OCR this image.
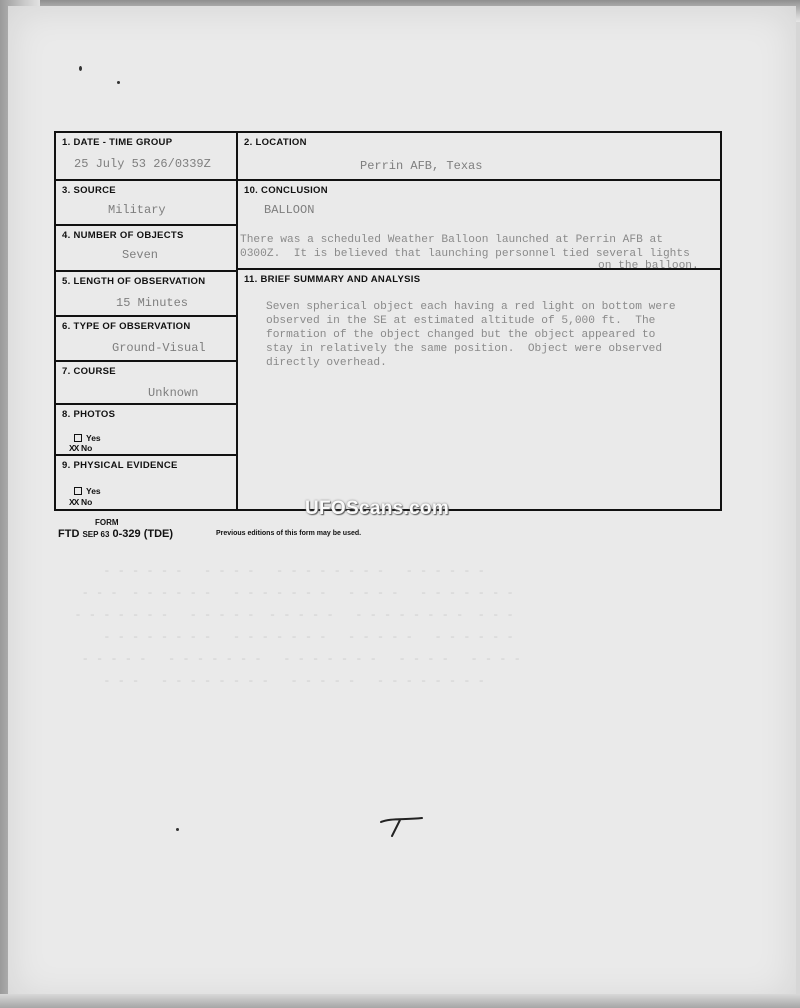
- - - - - -   - - - -   - - - - - - - -   - - - - - -
- - -  - - - - - -   - - - - - - -   - - - -   - - - - - - -
- - - - - - -   - - - - -  - - - - -   - - - - - - - -  - - -
- - - - - - - -   - - - - - - -   - - - - -   - - - - - -
- - - - -   - - - - - - -   - - - - - - -   - - - -   - - - -
- - -   - - - - - - - -   - - - - -   - - - - - - - -

1. DATE - TIME GROUP
25 July 53 26/0339Z
2. LOCATION
Perrin AFB, Texas
3. SOURCE
Military
4. NUMBER OF OBJECTS
Seven
5. LENGTH OF OBSERVATION
15 Minutes
6. TYPE OF OBSERVATION
Ground-Visual
7. COURSE
Unknown
8. PHOTOS
Yes
XX No
9. PHYSICAL EVIDENCE
Yes
XX No
10. CONCLUSION
BALLOON
There was a scheduled Weather Balloon launched at Perrin AFB at
0300Z.  It is believed that launching personnel tied several lights
on the balloon.
11. BRIEF SUMMARY AND ANALYSIS
Seven spherical object each having a red light on bottom were
observed in the SE at estimated altitude of 5,000 ft.  The
formation of the object changed but the object appeared to
stay in relatively the same position.  Object were observed
directly overhead.
FORM
FTD SEP 63 0-329 (TDE)	Previous editions of this form may be used.
UFOScans.com
